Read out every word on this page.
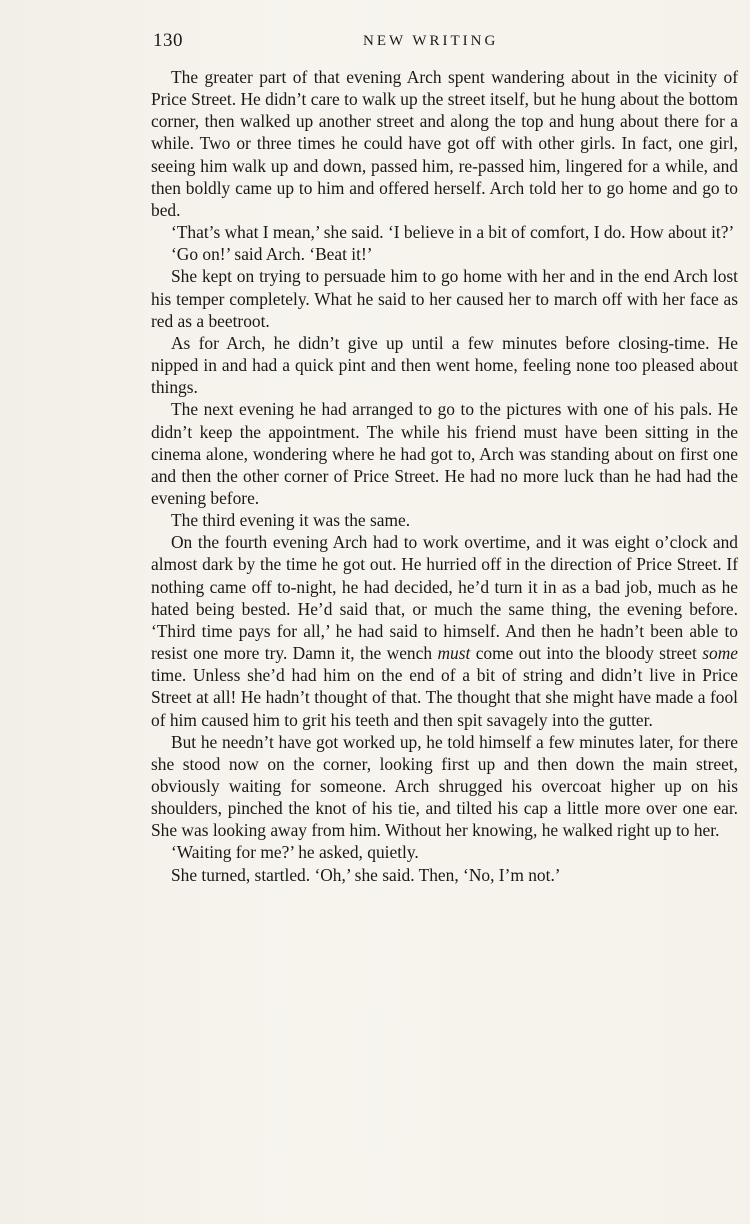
130	NEW WRITING

The greater part of that evening Arch spent wandering about in the vicinity of Price Street. He didn’t care to walk up the street itself, but he hung about the bottom corner, then walked up another street and along the top and hung about there for a while. Two or three times he could have got off with other girls. In fact, one girl, seeing him walk up and down, passed him, re-passed him, lingered for a while, and then boldly came up to him and offered herself. Arch told her to go home and go to bed.

‘That’s what I mean,’ she said. ‘I believe in a bit of comfort, I do. How about it?’

‘Go on!’ said Arch. ‘Beat it!’

She kept on trying to persuade him to go home with her and in the end Arch lost his temper completely. What he said to her caused her to march off with her face as red as a beetroot.

As for Arch, he didn’t give up until a few minutes before closing-time. He nipped in and had a quick pint and then went home, feeling none too pleased about things.

The next evening he had arranged to go to the pictures with one of his pals. He didn’t keep the appointment. The while his friend must have been sitting in the cinema alone, wondering where he had got to, Arch was standing about on first one and then the other corner of Price Street. He had no more luck than he had had the evening before.

The third evening it was the same.

On the fourth evening Arch had to work overtime, and it was eight o’clock and almost dark by the time he got out. He hurried off in the direction of Price Street. If nothing came off to-night, he had decided, he’d turn it in as a bad job, much as he hated being bested. He’d said that, or much the same thing, the evening before. ‘Third time pays for all,’ he had said to himself. And then he hadn’t been able to resist one more try. Damn it, the wench must come out into the bloody street some time. Unless she’d had him on the end of a bit of string and didn’t live in Price Street at all! He hadn’t thought of that. The thought that she might have made a fool of him caused him to grit his teeth and then spit savagely into the gutter.

But he needn’t have got worked up, he told himself a few minutes later, for there she stood now on the corner, looking first up and then down the main street, obviously waiting for someone. Arch shrugged his overcoat higher up on his shoulders, pinched the knot of his tie, and tilted his cap a little more over one ear. She was looking away from him. Without her knowing, he walked right up to her.

‘Waiting for me?’ he asked, quietly.

She turned, startled. ‘Oh,’ she said. Then, ‘No, I’m not.’
